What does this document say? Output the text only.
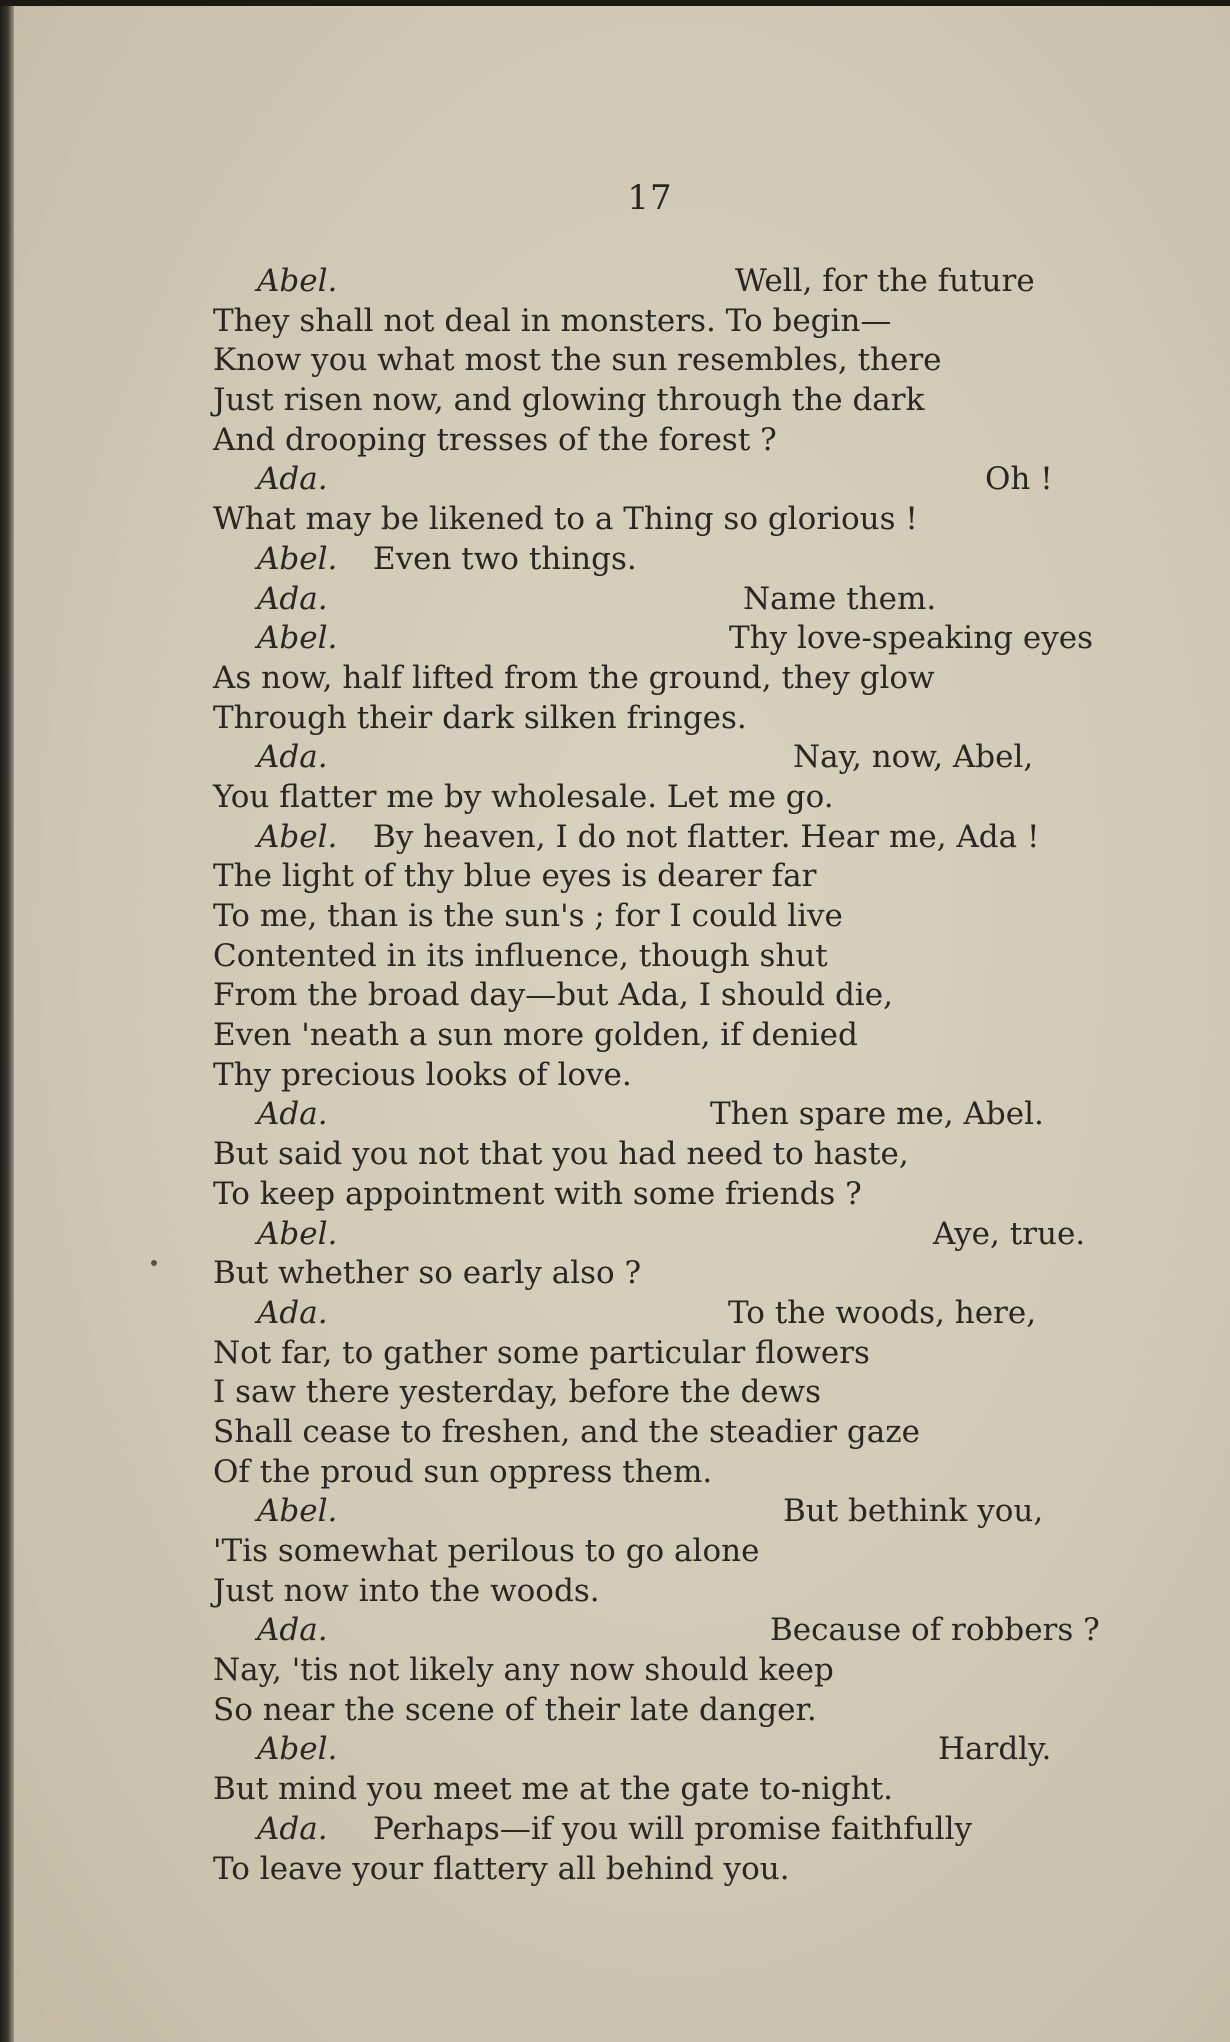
17
Abel.	Well, for the future
They shall not deal in monsters. To begin—
Know you what most the sun resembles, there
Just risen now, and glowing through the dark
And drooping tresses of the forest ?
Ada.	Oh !
What may be likened to a Thing so glorious !
Abel. Even two things.
Ada.	Name them.
Abel.	Thy love-speaking eyes
As now, half lifted from the ground, they glow
Through their dark silken fringes.
Ada.	Nay, now, Abel,
You flatter me by wholesale. Let me go.
Abel. By heaven, I do not flatter. Hear me, Ada !
The light of thy blue eyes is dearer far
To me, than is the sun's ; for I could live
Contented in its influence, though shut
From the broad day—but Ada, I should die,
Even 'neath a sun more golden, if denied
Thy precious looks of love.
Ada.	Then spare me, Abel.
But said you not that you had need to haste,
To keep appointment with some friends ?
Abel.	Aye, true.
But whether so early also ?
Ada.	To the woods, here,
Not far, to gather some particular flowers
I saw there yesterday, before the dews
Shall cease to freshen, and the steadier gaze
Of the proud sun oppress them.
Abel.	But bethink you,
'Tis somewhat perilous to go alone
Just now into the woods.
Ada.	Because of robbers ?
Nay, 'tis not likely any now should keep
So near the scene of their late danger.
Abel.	Hardly.
But mind you meet me at the gate to-night.
Ada. Perhaps—if you will promise faithfully
To leave your flattery all behind you.
